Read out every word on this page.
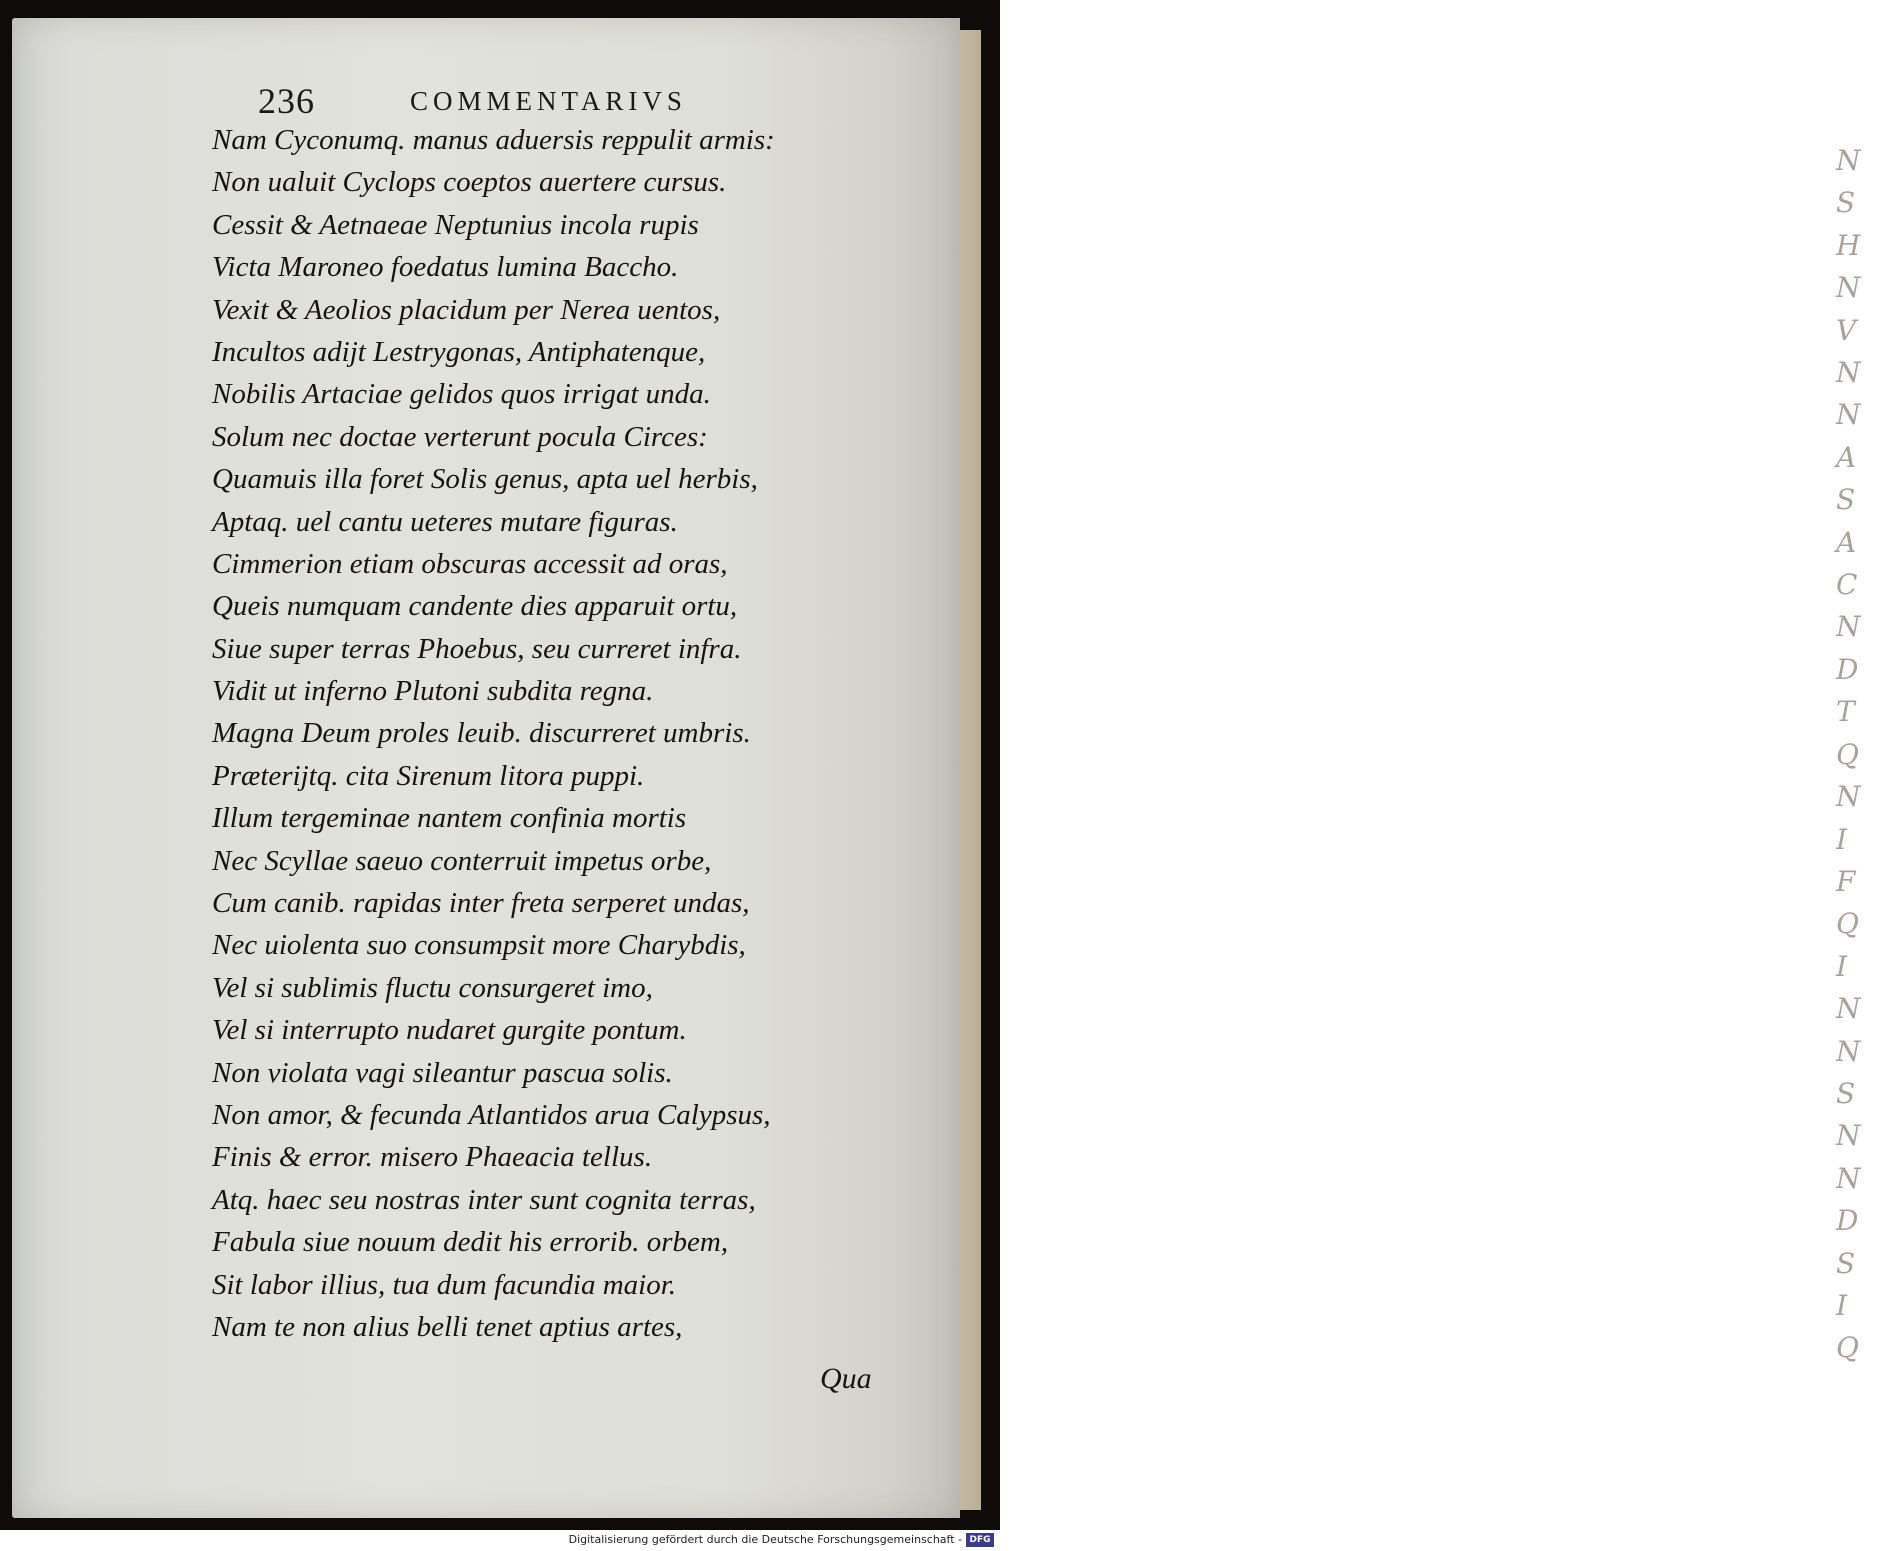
N
S
H
N
V
N
N
A
S
A
C
N
D
T
Q
N
I
F
Q
I
N
N
S
N
N
D
S
I
Q
236	COMMENTARIVS
Nam Cyconumq. manus aduersis reppulit armis:
Non ualuit Cyclops coeptos auertere cursus.
Cessit & Aetnaeae Neptunius incola rupis
Victa Maroneo foedatus lumina Baccho.
Vexit & Aeolios placidum per Nerea uentos,
Incultos adijt Lestrygonas, Antiphatenque,
Nobilis Artaciae gelidos quos irrigat unda.
Solum nec doctae verterunt pocula Circes:
Quamuis illa foret Solis genus, apta uel herbis,
Aptaq. uel cantu ueteres mutare figuras.
Cimmerion etiam obscuras accessit ad oras,
Queis numquam candente dies apparuit ortu,
Siue super terras Phoebus, seu curreret infra.
Vidit ut inferno Plutoni subdita regna.
Magna Deum proles leuib. discurreret umbris.
Prӕterijtq. cita Sirenum litora puppi.
Illum tergeminae nantem confinia mortis
Nec Scyllae saeuo conterruit impetus orbe,
Cum canib. rapidas inter freta serperet undas,
Nec uiolenta suo consumpsit more Charybdis,
Vel si sublimis fluctu consurgeret imo,
Vel si interrupto nudaret gurgite pontum.
Non violata vagi sileantur pascua solis.
Non amor, & fecunda Atlantidos arua Calypsus,
Finis & error. misero Phaeacia tellus.
Atq. haec seu nostras inter sunt cognita terras,
Fabula siue nouum dedit his errorib. orbem,
Sit labor illius, tua dum facundia maior.
Nam te non alius belli tenet aptius artes,
Qua
Digitalisierung gefördert durch die Deutsche Forschungsgemeinschaft - DFG
